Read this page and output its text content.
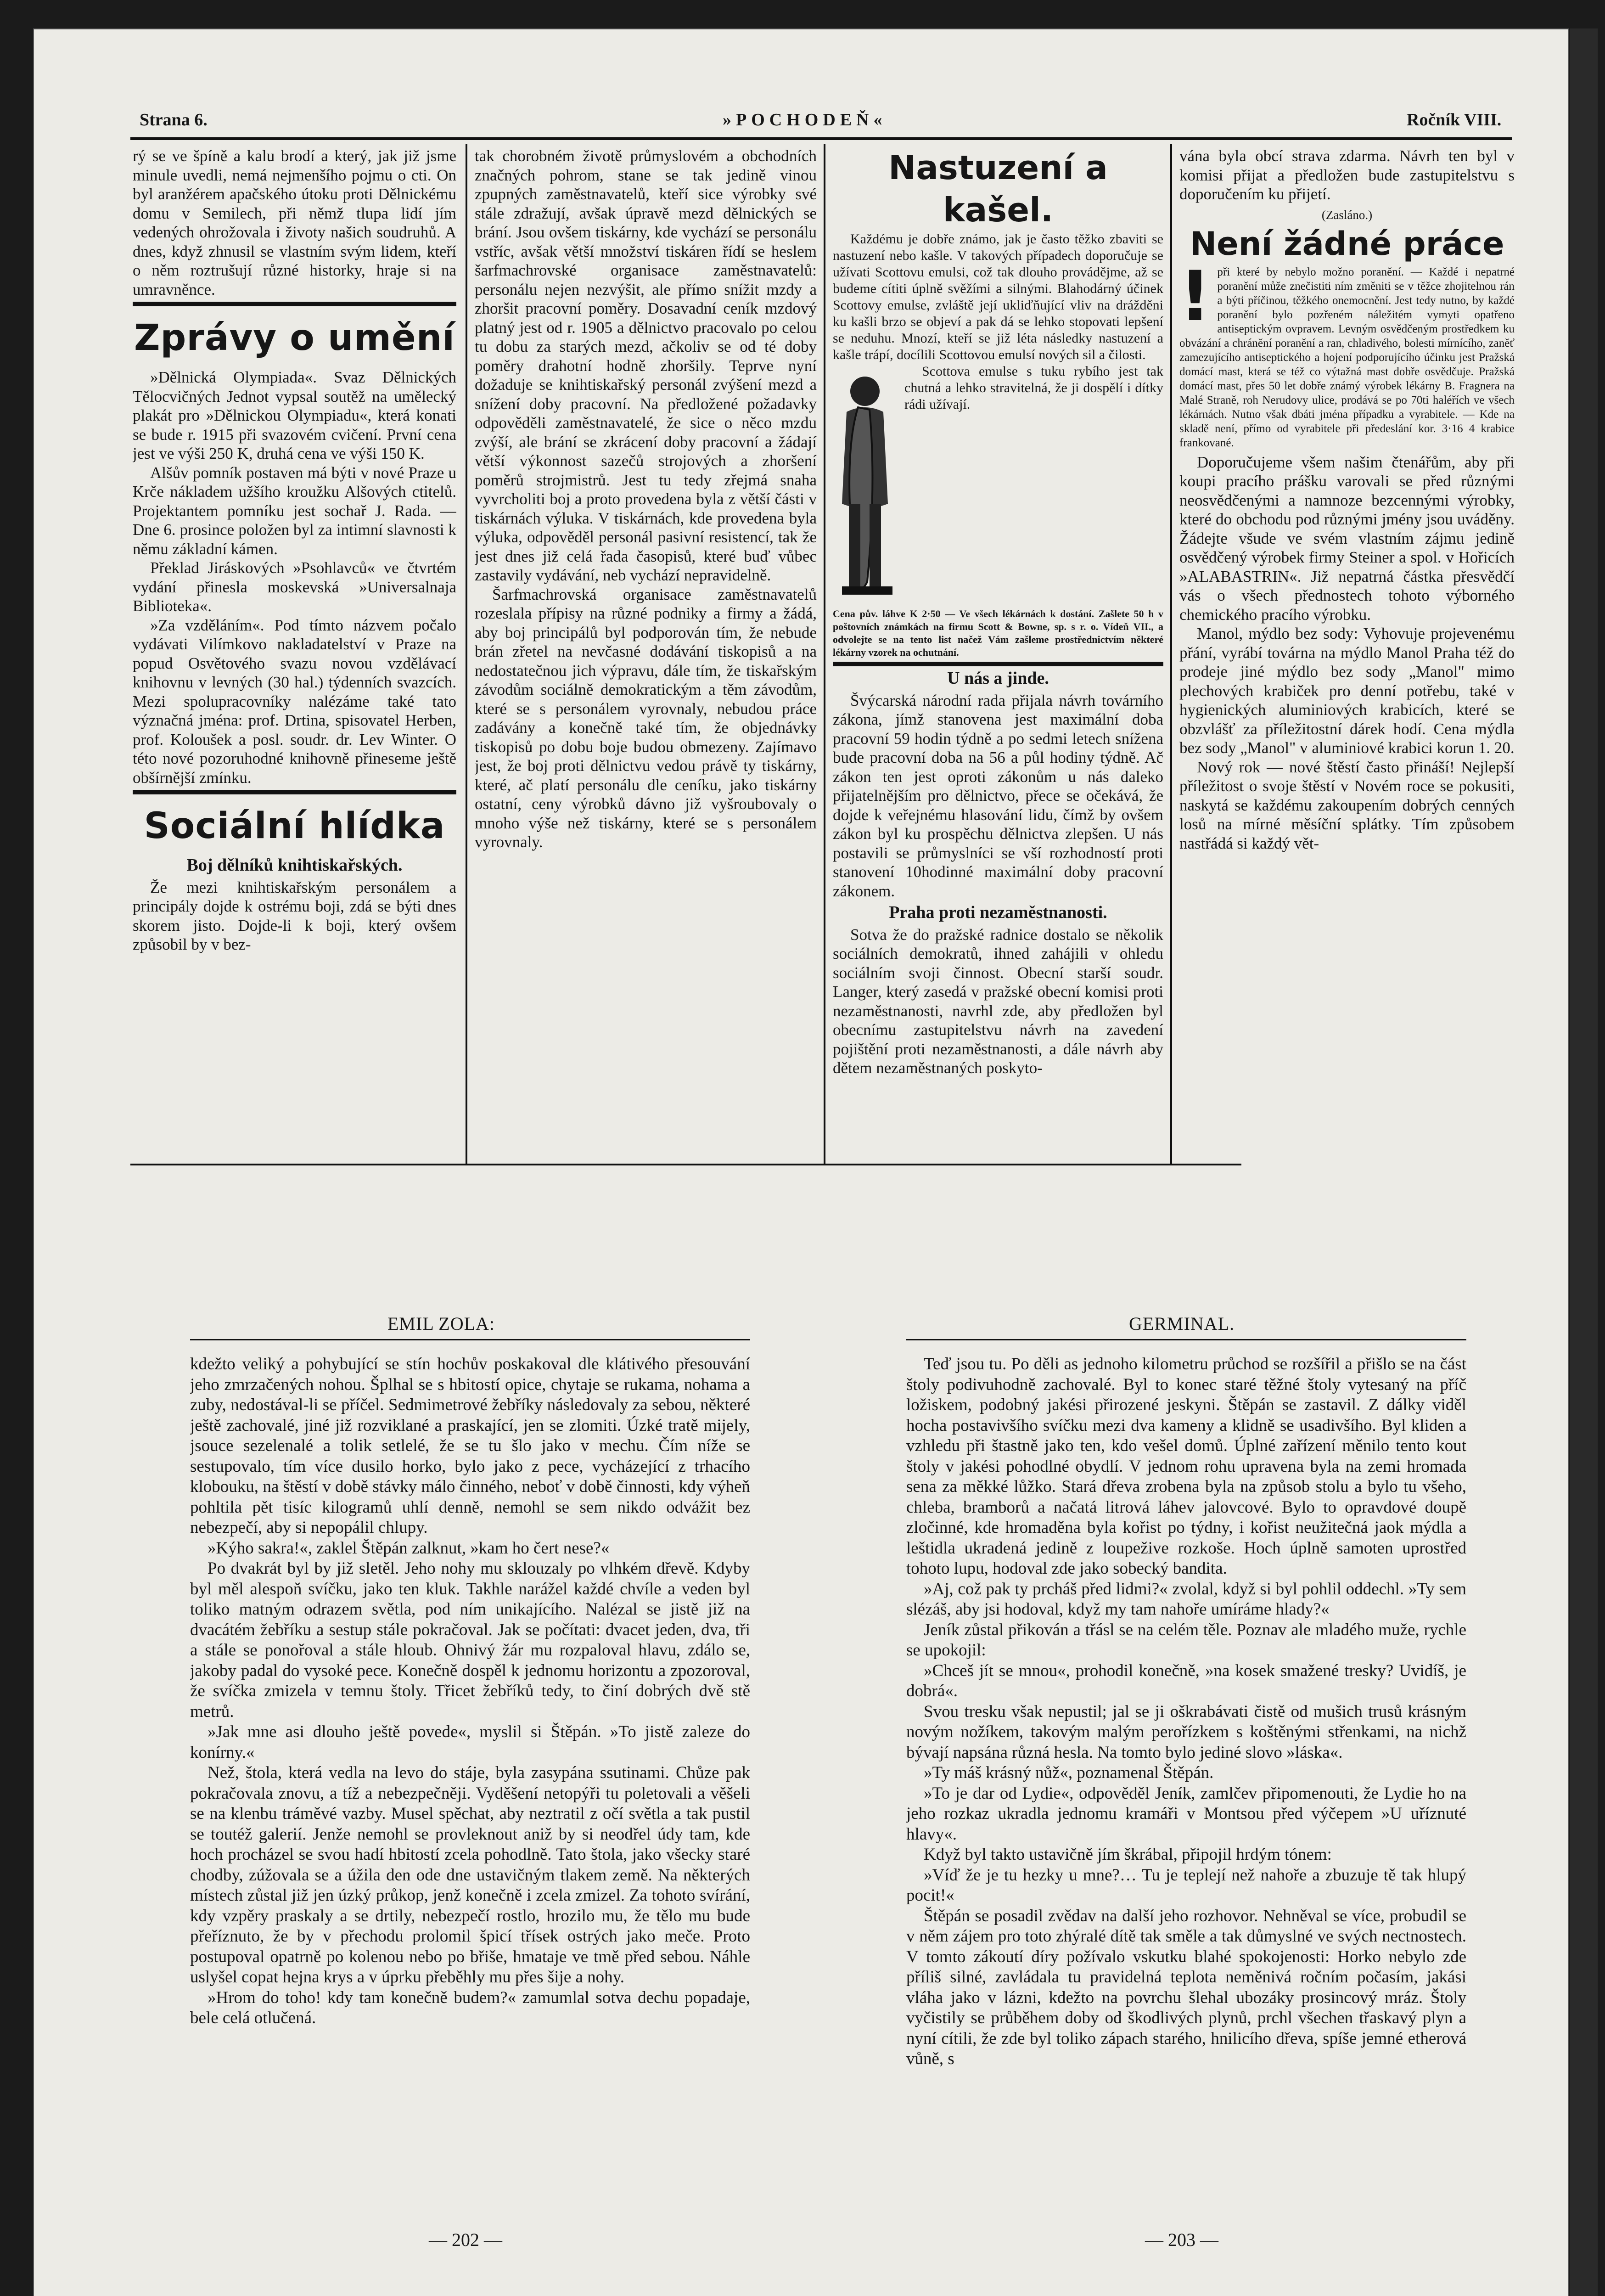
Strana 6.	»POCHODEŇ«	Ročník VIII.

rý se ve špíně a kalu brodí a který, jak již jsme minule uvedli, nemá nejmenšího pojmu o cti. On byl aranžérem apačského útoku proti Dělnickému domu v Semilech, při němž tlupa lidí jím vedených ohrožovala i životy našich soudruhů. A dnes, když zhnusil se vlastním svým lidem, kteří o něm roztrušují různé historky, hraje si na umravněnce.

Zprávy o umění

»Dělnická Olympiada«. Svaz Dělnických Tělocvičných Jednot vypsal soutěž na umělecký plakát pro »Dělnickou Olympiadu«, která konati se bude r. 1915 při svazovém cvičení. První cena jest ve výši 250 K, druhá cena ve výši 150 K.

Alšův pomník postaven má býti v nové Praze u Krče nákladem užšího kroužku Alšových ctitelů. Projektantem pomníku jest sochař J. Rada. — Dne 6. prosince položen byl za intimní slavnosti k němu základní kámen.

Překlad Jiráskových »Psohlavců« ve čtvrtém vydání přinesla moskevská »Universalnaja Biblioteka«.

»Za vzděláním«. Pod tímto názvem počalo vydávati Vilímkovo nakladatelství v Praze na popud Osvětového svazu novou vzdělávací knihovnu v levných (30 hal.) týdenních svazcích. Mezi spolupracovníky nalézáme také tato význačná jména: prof. Drtina, spisovatel Herben, prof. Koloušek a posl. soudr. dr. Lev Winter. O této nové pozoruhodné knihovně přineseme ještě obšírnější zmínku.

Sociální hlídka
Boj dělníků knihtiskařských.

Že mezi knihtiskařským personálem a principály dojde k ostrému boji, zdá se býti dnes skorem jisto. Dojde-li k boji, který ovšem způsobil by v bez-

tak chorobném životě průmyslovém a obchodních značných pohrom, stane se tak jedině vinou zpupných zaměstnavatelů, kteří sice výrobky své stále zdražují, avšak úpravě mezd dělnických se brání. Jsou ovšem tiskárny, kde vychází se personálu vstříc, avšak větší množství tiskáren řídí se heslem šarfmachrovské organisace zaměstnavatelů: personálu nejen nezvýšit, ale přímo snížit mzdy a zhoršit pracovní poměry. Dosavadní ceník mzdový platný jest od r. 1905 a dělnictvo pracovalo po celou tu dobu za starých mezd, ačkoliv se od té doby poměry drahotní hodně zhoršily. Teprve nyní dožaduje se knihtiskařský personál zvýšení mezd a snížení doby pracovní. Na předložené požadavky odpověděli zaměstnavatelé, že sice o něco mzdu zvýší, ale brání se zkrácení doby pracovní a žádají větší výkonnost sazečů strojových a zhoršení poměrů strojmistrů. Jest tu tedy zřejmá snaha vyvrcholiti boj a proto provedena byla z větší části v tiskárnách výluka. V tiskárnách, kde provedena byla výluka, odpověděl personál pasivní resistencí, tak že jest dnes již celá řada časopisů, které buď vůbec zastavily vydávání, neb vychází nepravidelně.

Šarfmachrovská organisace zaměstnavatelů rozeslala přípisy na různé podniky a firmy a žádá, aby boj principálů byl podporován tím, že nebude brán zřetel na nevčasné dodávání tiskopisů a na nedostatečnou jich výpravu, dále tím, že tiskařským závodům sociálně demokratickým a těm závodům, které se s personálem vyrovnaly, nebudou práce zadávány a konečně také tím, že objednávky tiskopisů po dobu boje budou obmezeny. Zajímavo jest, že boj proti dělnictvu vedou právě ty tiskárny, které, ač platí personálu dle ceníku, jako tiskárny ostatní, ceny výrobků dávno již vyšroubovaly o mnoho výše než tiskárny, které se s personálem vyrovnaly.

Nastuzení a kašel.

Každému je dobře známo, jak je často těžko zbaviti se nastuzení nebo kašle. V takových případech doporučuje se užívati Scottovu emulsi, což tak dlouho provádějme, až se budeme cítiti úplně svěžími a silnými. Blahodárný účinek Scottovy emulse, zvláště její ukliďňující vliv na drážděni ku kašli brzo se objeví a pak dá se lehko stopovati lepšení se neduhu. Mnozí, kteří se již léta následky nastuzení a kašle trápí, docílili Scottovou emulsí nových sil a čilosti.

Scottova emulse s tuku rybího jest tak chutná a lehko stravitelná, že ji dospělí i dítky rádi užívají.

Cena pův. láhve K 2·50 — Ve všech lékárnách k dostání. Zašlete 50 h v poštovních známkách na firmu Scott & Bowne, sp. s r. o. Vídeň VII., a odvolejte se na tento list načež Vám zašleme prostřednictvím některé lékárny vzorek na ochutnání.

U nás a jinde.

Švýcarská národní rada přijala návrh továrního zákona, jímž stanovena jest maximální doba pracovní 59 hodin týdně a po sedmi letech snížena bude pracovní doba na 56 a půl hodiny týdně. Ač zákon ten jest oproti zákonům u nás daleko přijatelnějším pro dělnictvo, přece se očekává, že dojde k veřejnému hlasování lidu, čímž by ovšem zákon byl ku prospěchu dělnictva zlepšen. U nás postavili se průmyslníci se vší rozhodností proti stanovení 10hodinné maximální doby pracovní zákonem.

Praha proti nezaměstnanosti.

Sotva že do pražské radnice dostalo se několik sociálních demokratů, ihned zahájili v ohledu sociálním svoji činnost. Obecní starší soudr. Langer, který zasedá v pražské obecní komisi proti nezaměstnanosti, navrhl zde, aby předložen byl obecnímu zastupitelstvu návrh na zavedení pojištění proti nezaměstnanosti, a dále návrh aby dětem nezaměstnaných poskyto-

vána byla obcí strava zdarma. Návrh ten byl v komisi přijat a předložen bude zastupitelstvu s doporučením ku přijetí.

(Zasláno.)
Není žádné práce
! při které by nebylo možno poranění. — Každé i nepatrné poranění může znečistiti ním změniti se v těžce zhojitelnou rán a býti příčinou, těžkého onemocnění. Jest tedy nutno, by každé poranění bylo pozřeném náležitém vymyti opatřeno antiseptickým ovpravem. Levným osvědčeným prostředkem ku obvázání a chránění poranění a ran, chladivého, bolesti mírnícího, zaněť zamezujícího antiseptického a hojení podporujícího účinku jest Pražská domácí mast, která se též co výtažná mast dobře osvědčuje. Pražská domácí mast, přes 50 let dobře známý výrobek lékárny B. Fragnera na Malé Straně, roh Nerudovy ulice, prodává se po 70ti haléřích ve všech lékárnách. Nutno však dbáti jména případku a vyrabitele. — Kde na skladě není, přímo od vyrabitele při předeslání kor. 3·16 4 krabice frankované.

Doporučujeme všem našim čtenářům, aby při koupi pracího prášku varovali se před různými neosvědčenými a namnoze bezcennými výrobky, které do obchodu pod různými jmény jsou uváděny. Žádejte všude ve svém vlastním zájmu jedině osvědčený výrobek firmy Steiner a spol. v Hořicích »ALABASTRIN«. Již nepatrná částka přesvědčí vás o všech přednostech tohoto výborného chemického pracího výrobku.

Manol, mýdlo bez sody: Vyhovuje projevenému přání, vyrábí továrna na mýdlo Manol Praha též do prodeje jiné mýdlo bez sody „Manol" mimo plechových krabiček pro denní potřebu, také v hygienických aluminiových krabicích, které se obzvlášť za příležitostní dárek hodí. Cena mýdla bez sody „Manol" v aluminiové krabici korun 1. 20.

Nový rok — nové štěstí často přináší! Nejlepší příležitost o svoje štěstí v Novém roce se pokusiti, naskytá se každému zakoupením dobrých cenných losů na mírné měsíční splátky. Tím způsobem nastřádá si každý vět-

EMIL ZOLA:	GERMINAL.

kdežto veliký a pohybující se stín hochův poskakoval dle klátivého přesouvání jeho zmrzačených nohou. Šplhal se s hbitostí opice, chytaje se rukama, nohama a zuby, nedostával-li se příčel. Sedmimetrové žebříky následovaly za sebou, některé ještě zachovalé, jiné již rozviklané a praskající, jen se zlomiti. Úzké tratě mijely, jsouce sezelenalé a tolik setlelé, že se tu šlo jako v mechu. Čím níže se sestupovalo, tím více dusilo horko, bylo jako z pece, vycházející z trhacího klobouku, na štěstí v době stávky málo činného, neboť v době činnosti, kdy výheň pohltila pět tisíc kilogramů uhlí denně, nemohl se sem nikdo odvážit bez nebezpečí, aby si nepopálil chlupy.

»Kýho sakra!«, zaklel Štěpán zalknut, »kam ho čert nese?«

Po dvakrát byl by již sletěl. Jeho nohy mu sklouzaly po vlhkém dřevě. Kdyby byl měl alespoň svíčku, jako ten kluk. Takhle narážel každé chvíle a veden byl toliko matným odrazem světla, pod ním unikajícího. Nalézal se jistě již na dvacátém žebříku a sestup stále pokračoval. Jak se počítati: dvacet jeden, dva, tři a stále se ponořoval a stále hloub. Ohnivý žár mu rozpaloval hlavu, zdálo se, jakoby padal do vysoké pece. Konečně dospěl k jednomu horizontu a zpozoroval, že svíčka zmizela v temnu štoly. Třicet žebříků tedy, to činí dobrých dvě stě metrů.

»Jak mne asi dlouho ještě povede«, myslil si Štěpán. »To jistě zaleze do konírny.«

Než, štola, která vedla na levo do stáje, byla zasypána ssutinami. Chůze pak pokračovala znovu, a tíž a nebezpečněji. Vyděšení netopýři tu poletovali a věšeli se na klenbu tráměvé vazby. Musel spěchat, aby neztratil z očí světla a tak pustil se toutéž galerií. Jenže nemohl se provleknout aniž by si neodřel údy tam, kde hoch procházel se svou hadí hbitostí zcela pohodlně. Tato štola, jako všecky staré chodby, zúžovala se a úžila den ode dne ustavičným tlakem země. Na některých místech zůstal již jen úzký průkop, jenž konečně i zcela zmizel. Za tohoto svírání, kdy vzpěry praskaly a se drtily, nebezpečí rostlo, hrozilo mu, že tělo mu bude přeříznuto, že by v přechodu prolomil špicí třísek ostrých jako meče. Proto postupoval opatrně po kolenou nebo po břiše, hmataje ve tmě před sebou. Náhle uslyšel copat hejna krys a v úprku přeběhly mu přes šije a nohy.

»Hrom do toho! kdy tam konečně budem?« zamumlal sotva dechu popadaje, bele celá otlučená.

Teď jsou tu. Po děli as jednoho kilometru průchod se rozšířil a přišlo se na část štoly podivuhodně zachovalé. Byl to konec staré těžné štoly vytesaný na příč ložiskem, podobný jakési přirozené jeskyni. Štěpán se zastavil. Z dálky viděl hocha postavivšího svíčku mezi dva kameny a klidně se usadivšího. Byl kliden a vzhledu při štastně jako ten, kdo vešel domů. Úplné zařízení měnilo tento kout štoly v jakési pohodlné obydlí. V jednom rohu upravena byla na zemi hromada sena za měkké lůžko. Stará dřeva zrobena byla na způsob stolu a bylo tu všeho, chleba, bramborů a načatá litrová láhev jalovcové. Bylo to opravdové doupě zločinné, kde hromaděna byla kořist po týdny, i kořist neužitečná jaok mýdla a leštidla ukradená jedině z loupežive rozkoše. Hoch úplně samoten uprostřed tohoto lupu, hodoval zde jako sobecký bandita.

»Aj, což pak ty prcháš před lidmi?« zvolal, když si byl pohlil oddechl. »Ty sem slézáš, aby jsi hodoval, když my tam nahoře umíráme hlady?«

Jeník zůstal přikován a třásl se na celém těle. Poznav ale mladého muže, rychle se upokojil:

»Chceš jít se mnou«, prohodil konečně, »na kosek smažené tresky? Uvidíš, je dobrá«.

Svou tresku však nepustil; jal se ji oškrabávati čistě od mušich trusů krásným novým nožíkem, takovým malým perořízkem s koštěnými střenkami, na nichž bývají napsána různá hesla. Na tomto bylo jediné slovo »láska«.

»Ty máš krásný nůž«, poznamenal Štěpán.

»To je dar od Lydie«, odpověděl Jeník, zamlčev připomenouti, že Lydie ho na jeho rozkaz ukradla jednomu kramáři v Montsou před výčepem »U uříznuté hlavy«.

Když byl takto ustavičně jím škrábal, připojil hrdým tónem:

»Víď že je tu hezky u mne?… Tu je teplejí než nahoře a zbuzuje tě tak hlupý pocit!«

Štěpán se posadil zvědav na další jeho rozhovor. Nehněval se více, probudil se v něm zájem pro toto zhýralé dítě tak směle a tak důmyslné ve svých nectnostech. V tomto zákoutí díry požívalo vskutku blahé spokojenosti: Horko nebylo zde příliš silné, zavládala tu pravidelná teplota neměnivá ročním počasím, jakási vláha jako v lázni, kdežto na povrchu šlehal ubozáky prosincový mráz. Štoly vyčistily se průběhem doby od škodlivých plynů, prchl všechen třaskavý plyn a nyní cítili, že zde byl toliko zápach starého, hnilicího dřeva, spíše jemné etherová vůně, s

— 202 —	— 203 —
